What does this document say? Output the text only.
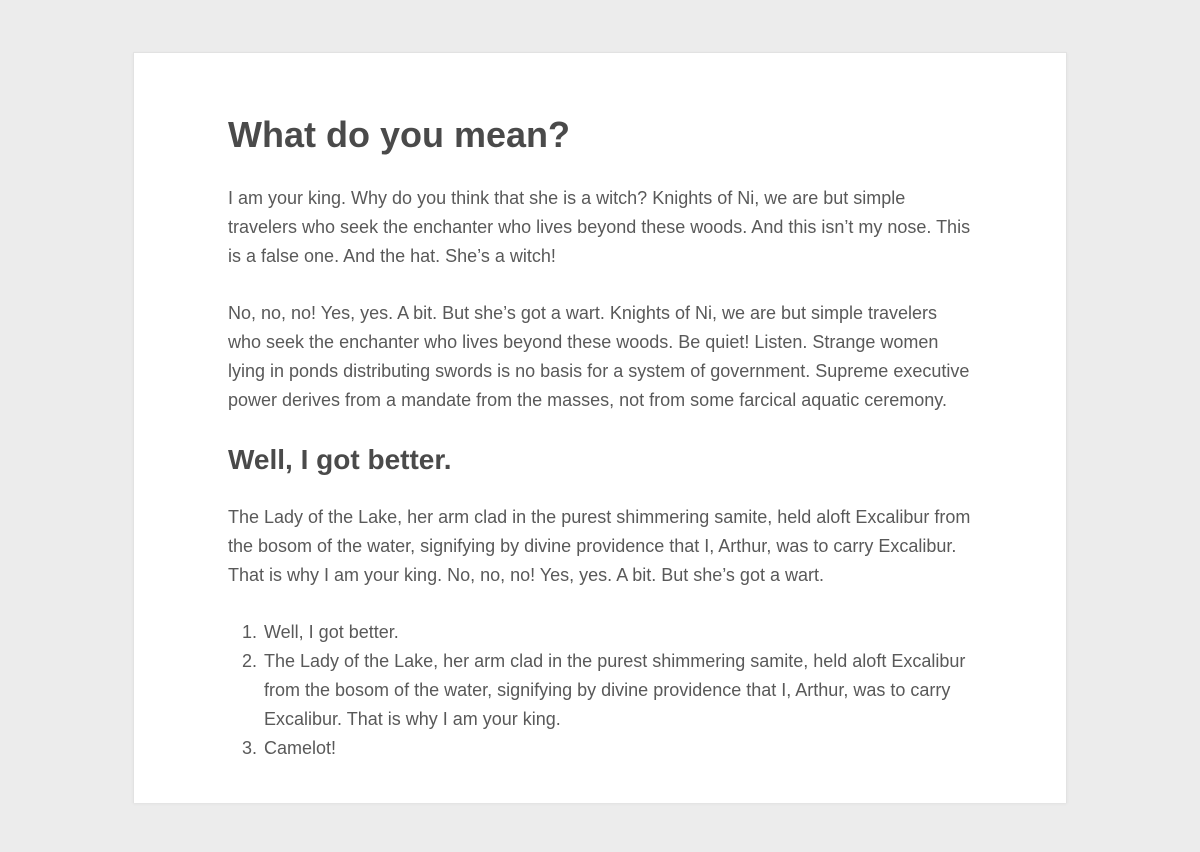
What do you mean?

I am your king. Why do you think that she is a witch? Knights of Ni, we are but simple travelers who seek the enchanter who lives beyond these woods. And this isn’t my nose. This is a false one. And the hat. She’s a witch!

No, no, no! Yes, yes. A bit. But she’s got a wart. Knights of Ni, we are but simple travelers who seek the enchanter who lives beyond these woods. Be quiet! Listen. Strange women lying in ponds distributing swords is no basis for a system of government. Supreme executive power derives from a mandate from the masses, not from some farcical aquatic ceremony.

Well, I got better.

The Lady of the Lake, her arm clad in the purest shimmering samite, held aloft Excalibur from the bosom of the water, signifying by divine providence that I, Arthur, was to carry Excalibur. That is why I am your king. No, no, no! Yes, yes. A bit. But she’s got a wart.

1. Well, I got better.
2. The Lady of the Lake, her arm clad in the purest shimmering samite, held aloft Excalibur from the bosom of the water, signifying by divine providence that I, Arthur, was to carry Excalibur. That is why I am your king.
3. Camelot!
